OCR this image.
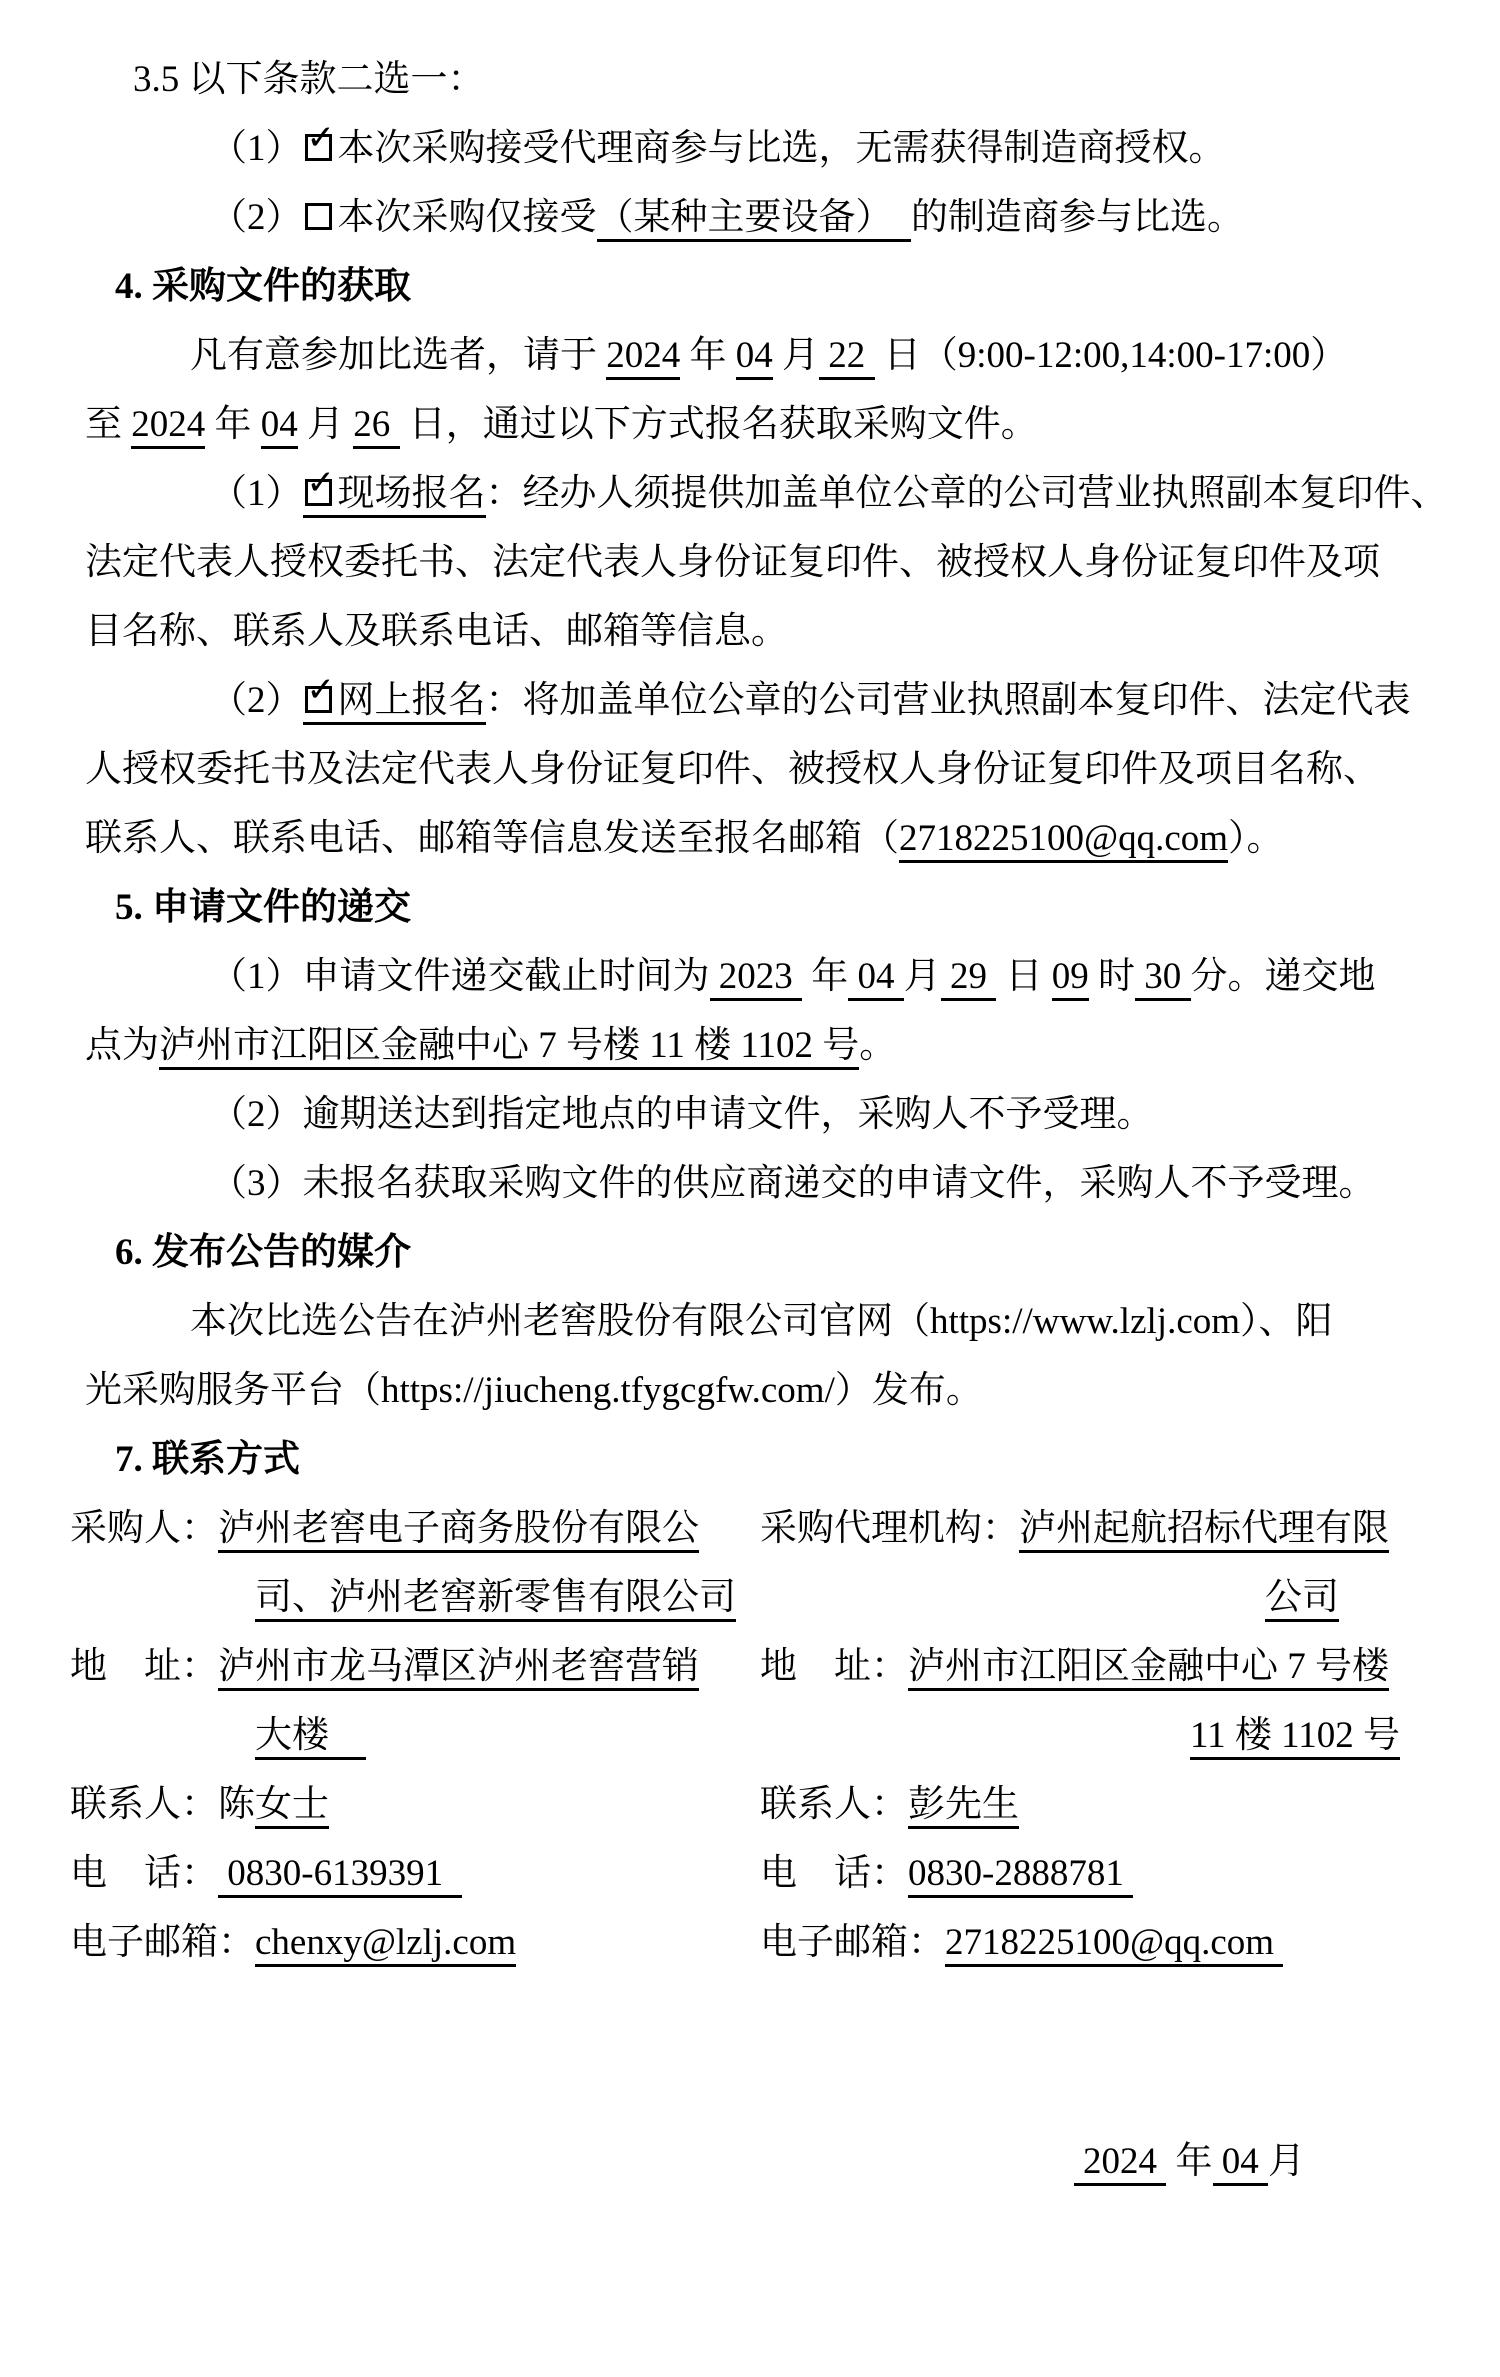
3.5 以下条款二选一：
（1） ✓ 本次采购接受代理商参与比选，无需获得制造商授权。
（2） 本次采购仅接受（某种主要设备）　的制造商参与比选。
4. 采购文件的获取
凡有意参加比选者，请于 2024 年 04 月 22  日（9:00-12:00,14:00-17:00）
至 2024 年 04 月 26  日，通过以下方式报名获取采购文件。
（1） ✓ 现场报名：经办人须提供加盖单位公章的公司营业执照副本复印件、
法定代表人授权委托书、法定代表人身份证复印件、被授权人身份证复印件及项
目名称、联系人及联系电话、邮箱等信息。
（2） ✓ 网上报名：将加盖单位公章的公司营业执照副本复印件、法定代表
人授权委托书及法定代表人身份证复印件、被授权人身份证复印件及项目名称、
联系人、联系电话、邮箱等信息发送至报名邮箱（2718225100@qq.com）。
5. 申请文件的递交
（1）申请文件递交截止时间为 2023  年 04 月 29  日 09 时 30 分。递交地
点为泸州市江阳区金融中心 7 号楼 11 楼 1102 号。
（2）逾期送达到指定地点的申请文件，采购人不予受理。
（3）未报名获取采购文件的供应商递交的申请文件，采购人不予受理。
6. 发布公告的媒介
本次比选公告在泸州老窖股份有限公司官网（https://www.lzlj.com）、阳
光采购服务平台（https://jiucheng.tfygcgfw.com/）发布。
7. 联系方式
采购人：泸州老窖电子商务股份有限公	采购代理机构：泸州起航招标代理有限
司、泸州老窖新零售有限公司	公司
地　址：泸州市龙马潭区泸州老窖营销	地　址：泸州市江阳区金融中心 7 号楼
大楼　	11 楼 1102 号
联系人：陈女士	联系人：彭先生
电　话： 0830-6139391	电　话：0830-2888781
电子邮箱：chenxy@lzlj.com	电子邮箱：2718225100@qq.com
2024  年 04 月
